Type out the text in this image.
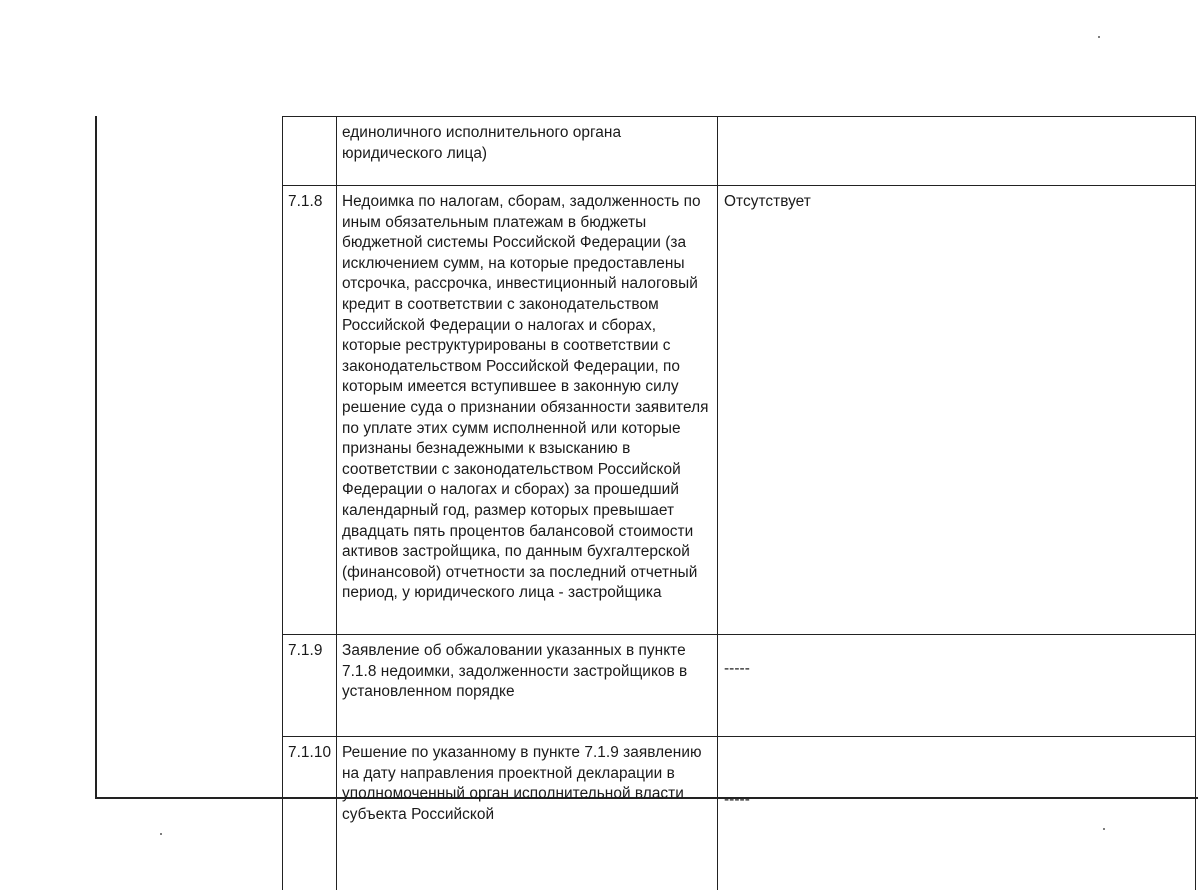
	единоличного исполнительного органа юридического лица)	
7.1.8	Недоимка по налогам, сборам, задолженность по иным обязательным платежам в бюджеты бюджетной системы Российской Федерации (за исключением сумм, на которые предоставлены отсрочка, рассрочка, инвестиционный налоговый кредит в соответствии с законодательством Российской Федерации о налогах и сборах, которые реструктурированы в соответствии с законодательством Российской Федерации, по которым имеется вступившее в законную силу решение суда о признании обязанности заявителя по уплате этих сумм исполненной или которые признаны безнадежными к взысканию в соответствии с законодательством Российской Федерации о налогах и сборах) за прошедший календарный год, размер которых превышает двадцать пять процентов балансовой стоимости активов застройщика, по данным бухгалтерской (финансовой) отчетности за последний отчетный период, у юридического лица - застройщика	Отсутствует
7.1.9	Заявление об обжаловании указанных в пункте 7.1.8 недоимки, задолженности застройщиков в установленном порядке	-----
7.1.10	Решение по указанному в пункте 7.1.9 заявлению на дату направления проектной декларации в уполномоченный орган исполнительной власти субъекта Российской	-----
